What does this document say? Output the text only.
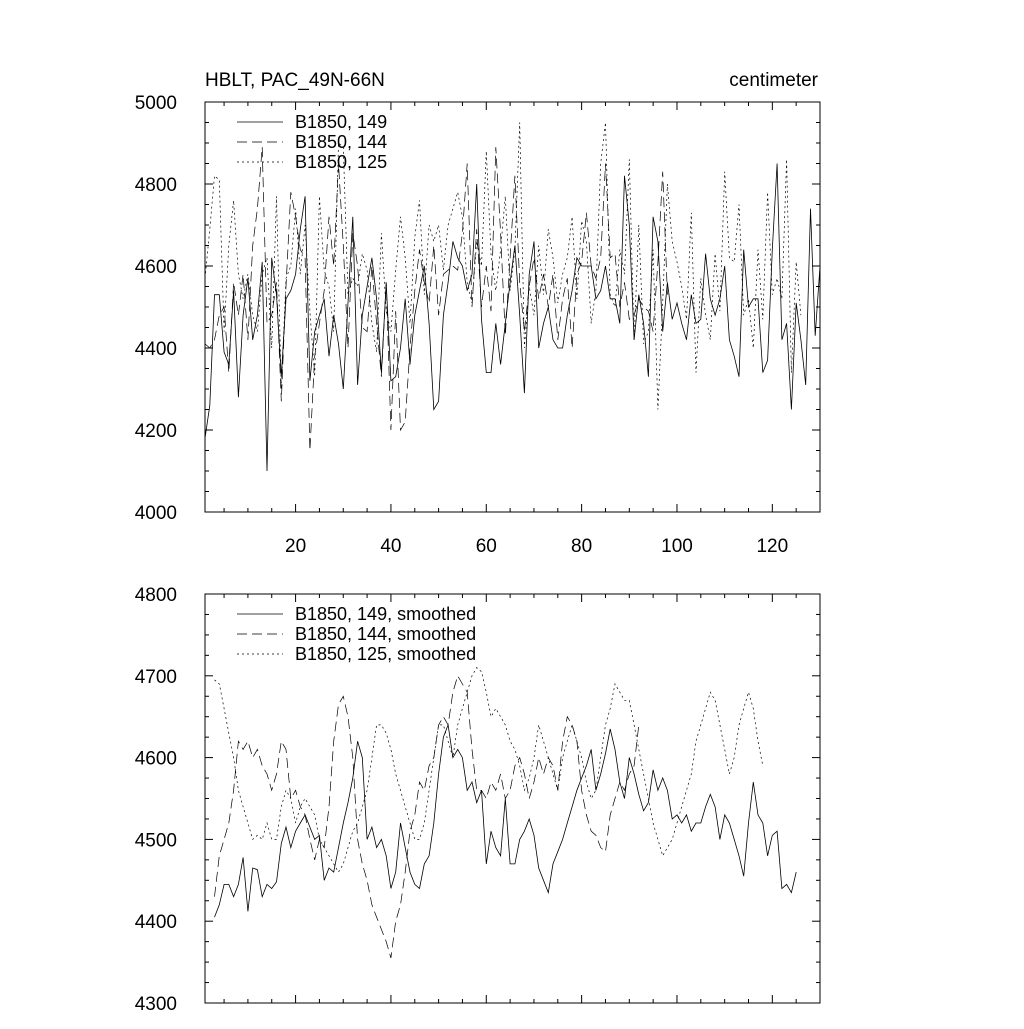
20	40	60	80	100	120
4000
4200
4400
4600
4800
5000
HBLT, PAC_49N-66N	centimeter
B1850, 149
B1850, 144
B1850, 125
4300
4400
4500
4600
4700
4800
B1850, 149, smoothed
B1850, 144, smoothed
B1850, 125, smoothed
